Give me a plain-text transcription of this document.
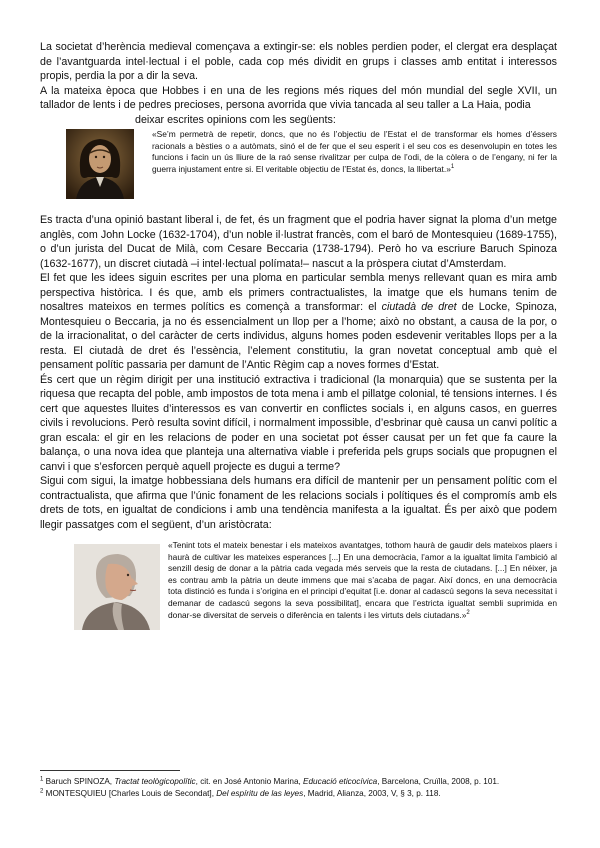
La societat d’herència medieval començava a extingir-se: els nobles perdien poder, el clergat era desplaçat de l’avantguarda intel·lectual i el poble, cada cop més dividit en grups i classes amb entitat i interessos propis, perdia la por a dir la seva.

A la mateixa època que Hobbes i en una de les regions més riques del món mundial del segle XVII, un tallador de lents i de pedres precioses, persona avorrida que vivia tancada al seu taller a La Haia, podia

deixar escrites opinions com les següents:

«Se’m permetrà de repetir, doncs, que no és l’objectiu de l’Estat el de transformar els homes d’éssers racionals a bèsties o a autòmats, sinó el de fer que el seu esperit i el seu cos es desenvolupin en totes les funcions i facin un ús lliure de la raó sense rivalitzar per culpa de l’odi, de la còlera o de l’engany, ni fer la guerra injustament entre si. El veritable objectiu de l’Estat és, doncs, la llibertat.»$^1$

Es tracta d’una opinió bastant liberal i, de fet, és un fragment que el podria haver signat la ploma d’un metge anglès, com John Locke (1632-1704), d’un noble il·lustrat francès, com el baró de Montesquieu (1689-1755), o d’un jurista del Ducat de Milà, com Cesare Beccaria (1738-1794). Però ho va escriure Baruch Spinoza (1632-1677), un discret ciutadà –i intel·lectual polímata!– nascut a la pròspera ciutat d’Amsterdam.

El fet que les idees siguin escrites per una ploma en particular sembla menys rellevant quan es mira amb perspectiva històrica. I és que, amb els primers contractualistes, la imatge que els humans tenim de nosaltres mateixos en termes polítics es començà a transformar: el ciutadà de dret de Locke, Spinoza, Montesquieu o Beccaria, ja no és essencialment un llop per a l’home; això no obstant, a causa de la por, o de la irracionalitat, o del caràcter de certs individus, alguns homes poden esdevenir veritables llops per a la resta. El ciutadà de dret és l’essència, l’element constitutiu, la gran novetat conceptual amb què el pensament polític passaria per damunt de l’Antic Règim cap a noves formes d’Estat.

És cert que un règim dirigit per una institució extractiva i tradicional (la monarquia) que se sustenta per la riquesa que recapta del poble, amb impostos de tota mena i amb el pillatge colonial, té tensions internes. I és cert que aquestes lluites d’interessos es van convertir en conflictes socials i, en alguns casos, en guerres civils i revolucions. Però resulta sovint difícil, i normalment impossible, d’esbrinar què causa un canvi polític a gran escala: el gir en les relacions de poder en una societat pot ésser causat per un fet que fa caure la balança, o una nova idea que planteja una alternativa viable i preferida pels grups socials que propugnen el canvi i que s’esforcen perquè aquell projecte es dugui a terme?

Sigui com sigui, la imatge hobbessiana dels humans era difícil de mantenir per un pensament polític com el contractualista, que afirma que l’únic fonament de les relacions socials i polítiques és el compromís amb els drets de tots, en igualtat de condicions i amb una tendència manifesta a la igualtat. És per això que podem llegir passatges com el següent, d’un aristòcrata:

«Tenint tots el mateix benestar i els mateixos avantatges, tothom haurà de gaudir dels mateixos plaers i haurà de cultivar les mateixes esperances [...] En una democràcia, l’amor a la igualtat limita l’ambició al senzill desig de donar a la pàtria cada vegada més serveis que la resta de ciutadans. [...] En néixer, ja es contrau amb la pàtria un deute immens que mai s’acaba de pagar. Així doncs, en una democràcia tota distinció es funda i s’origina en el principi d’equitat [i.e. donar al cadascú segons la seva necessitat i demanar de cadascú segons la seva possibilitat], encara que l’estricta igualtat sembli suprimida en donar-se diversitat de serveis o diferència en talents i les virtuts dels ciutadans.»$^2$

$^1$ Baruch SPINOZA, Tractat teològicopolític, cit. en José Antonio Marina, Educació eticocívica, Barcelona, Cruïlla, 2008, p. 101.

$^2$ MONTESQUIEU [Charles Louis de Secondat], Del espíritu de las leyes, Madrid, Alianza, 2003, V, § 3, p. 118.
